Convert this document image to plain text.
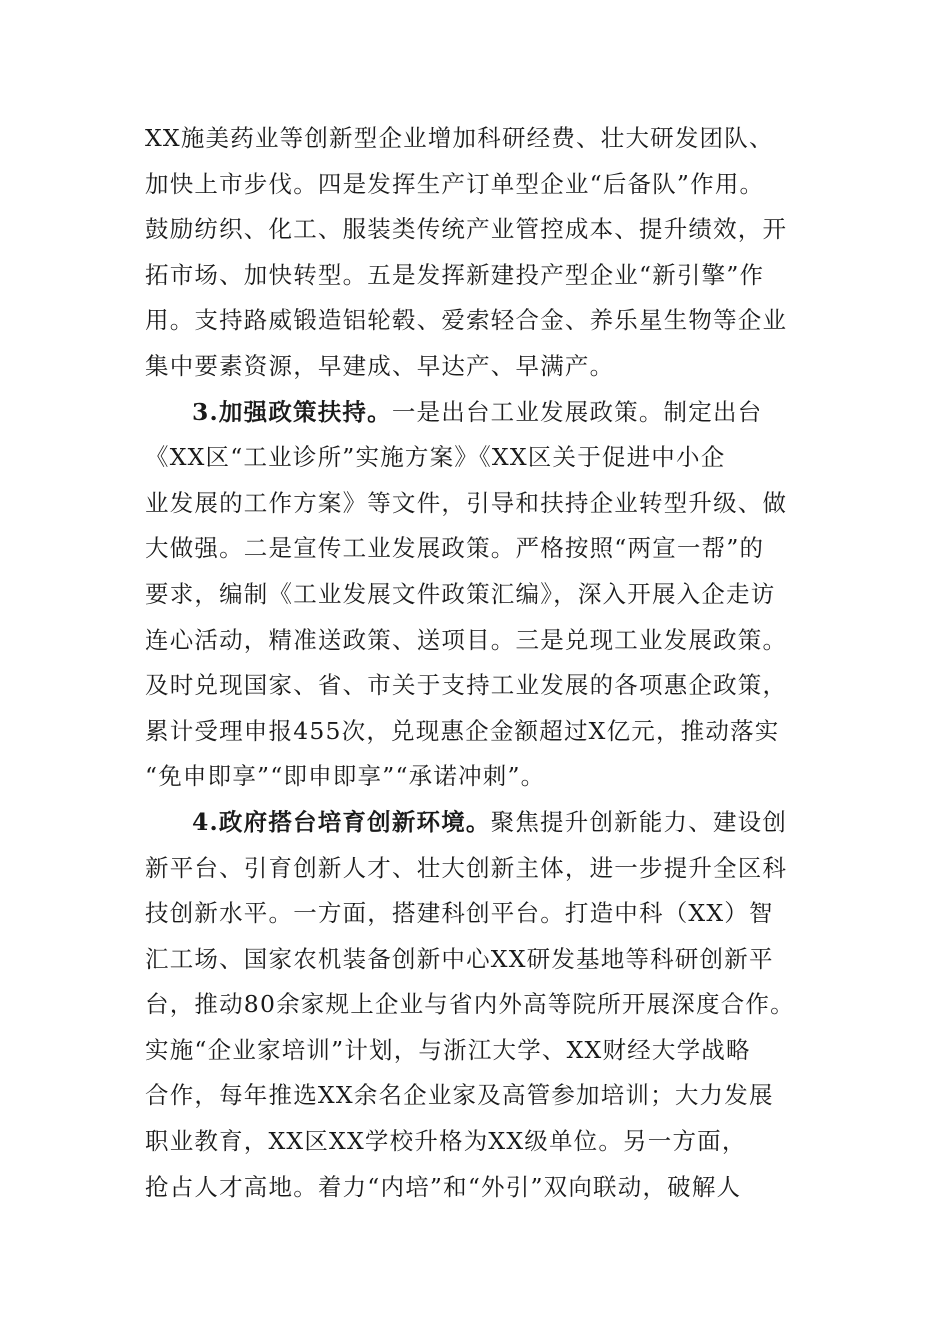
XX施美药业等创新型企业增加科研经费、壮大研发团队、
加快上市步伐。四是发挥生产订单型企业“后备队”作用。
鼓励纺织、化工、服装类传统产业管控成本、提升绩效，开
拓市场、加快转型。五是发挥新建投产型企业“新引擎”作
用。支持路威锻造铝轮毂、爱索轻合金、养乐星生物等企业
集中要素资源，早建成、早达产、早满产。
3.加强政策扶持。一是出台工业发展政策。制定出台
《XX区“工业诊所”实施方案》《XX区关于促进中小企
业发展的工作方案》等文件，引导和扶持企业转型升级、做
大做强。二是宣传工业发展政策。严格按照“两宣一帮”的
要求，编制《工业发展文件政策汇编》，深入开展入企走访
连心活动，精准送政策、送项目。三是兑现工业发展政策。
及时兑现国家、省、市关于支持工业发展的各项惠企政策，
累计受理申报455次，兑现惠企金额超过X亿元，推动落实
“免申即享”“即申即享”“承诺冲刺”。
4.政府搭台培育创新环境。聚焦提升创新能力、建设创
新平台、引育创新人才、壮大创新主体，进一步提升全区科
技创新水平。一方面，搭建科创平台。打造中科（XX）智
汇工场、国家农机装备创新中心XX研发基地等科研创新平
台，推动80余家规上企业与省内外高等院所开展深度合作。
实施“企业家培训”计划，与浙江大学、XX财经大学战略
合作，每年推选XX余名企业家及高管参加培训；大力发展
职业教育，XX区XX学校升格为XX级单位。另一方面，
抢占人才高地。着力“内培”和“外引”双向联动，破解人
